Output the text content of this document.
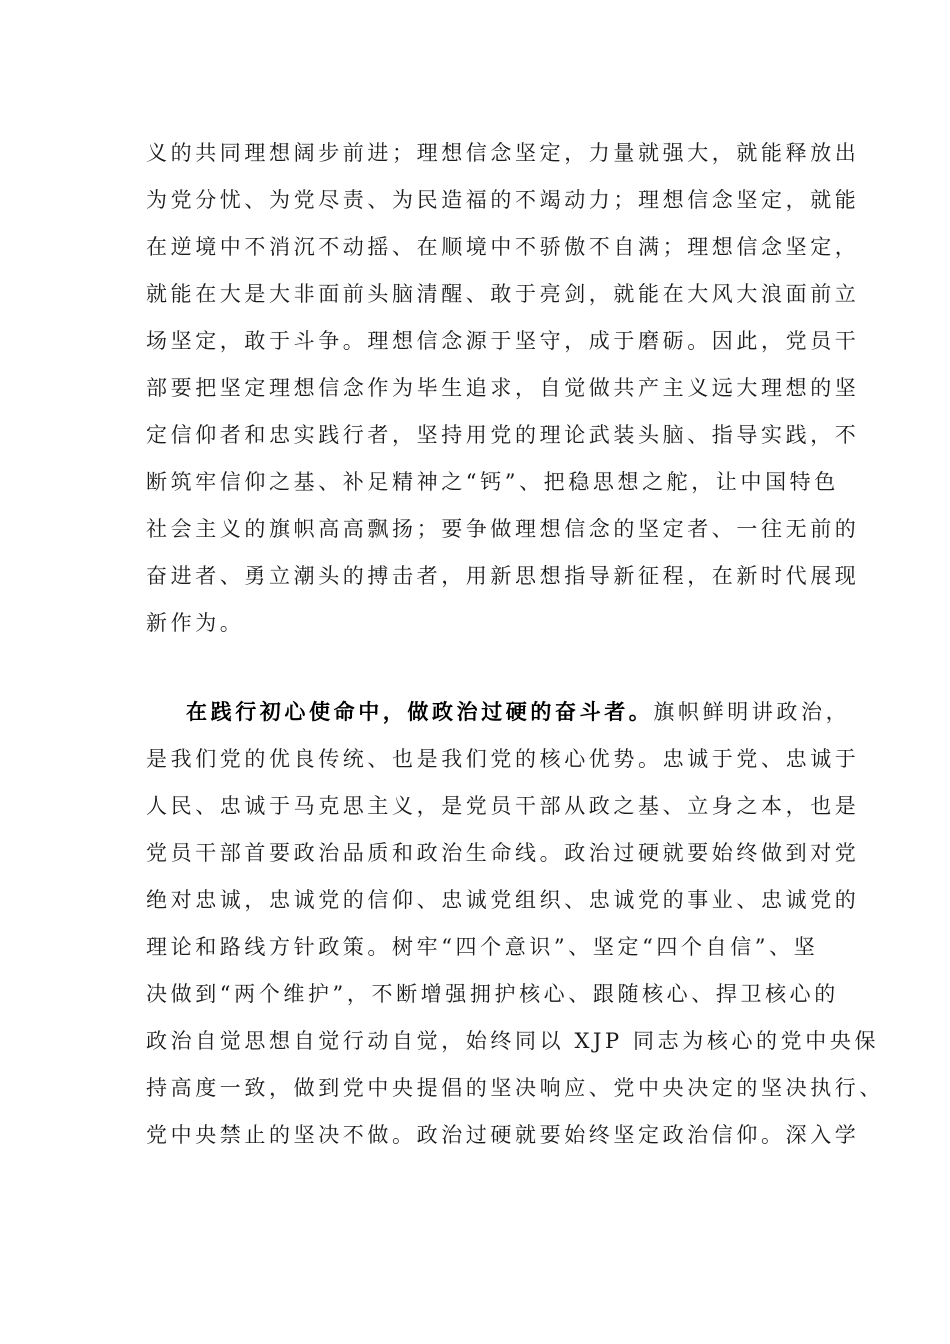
义的共同理想阔步前进；理想信念坚定，力量就强大，就能释放出
为党分忧、为党尽责、为民造福的不竭动力；理想信念坚定，就能
在逆境中不消沉不动摇、在顺境中不骄傲不自满；理想信念坚定，
就能在大是大非面前头脑清醒、敢于亮剑，就能在大风大浪面前立
场坚定，敢于斗争。理想信念源于坚守，成于磨砺。因此，党员干
部要把坚定理想信念作为毕生追求，自觉做共产主义远大理想的坚
定信仰者和忠实践行者，坚持用党的理论武装头脑、指导实践，不
断筑牢信仰之基、补足精神之“钙”、把稳思想之舵，让中国特色
社会主义的旗帜高高飘扬；要争做理想信念的坚定者、一往无前的
奋进者、勇立潮头的搏击者，用新思想指导新征程，在新时代展现
新作为。
在践行初心使命中，做政治过硬的奋斗者。旗帜鲜明讲政治，
是我们党的优良传统、也是我们党的核心优势。忠诚于党、忠诚于
人民、忠诚于马克思主义，是党员干部从政之基、立身之本，也是
党员干部首要政治品质和政治生命线。政治过硬就要始终做到对党
绝对忠诚，忠诚党的信仰、忠诚党组织、忠诚党的事业、忠诚党的
理论和路线方针政策。树牢“四个意识”、坚定“四个自信”、坚
决做到“两个维护”，不断增强拥护核心、跟随核心、捍卫核心的
政治自觉思想自觉行动自觉，始终同以 XJP 同志为核心的党中央保
持高度一致，做到党中央提倡的坚决响应、党中央决定的坚决执行、
党中央禁止的坚决不做。政治过硬就要始终坚定政治信仰。深入学
